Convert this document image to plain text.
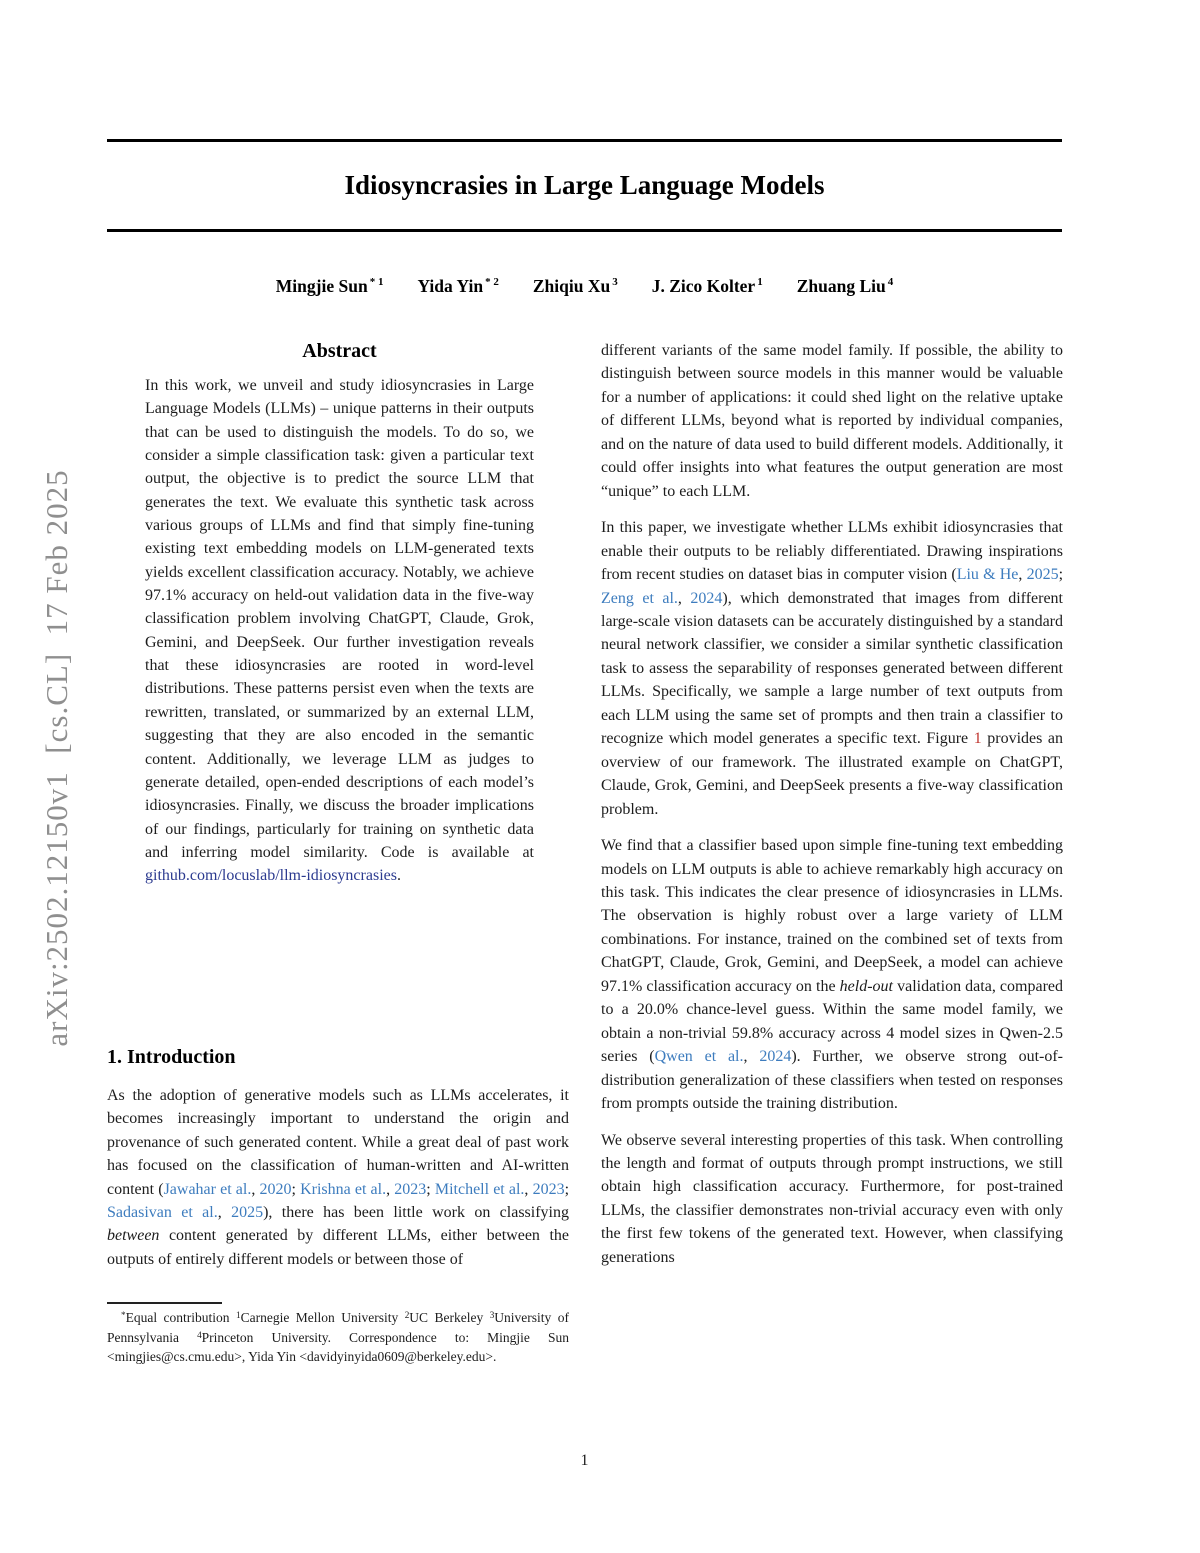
arXiv:2502.12150v1  [cs.CL]  17 Feb 2025
Idiosyncrasies in Large Language Models
Mingjie Sun $^{* 1}$ Yida Yin $^{* 2}$ Zhiqiu Xu $^3$ J. Zico Kolter $^1$ Zhuang Liu $^4$
Abstract
In this work, we unveil and study idiosyncrasies in Large Language Models (LLMs) – unique patterns in their outputs that can be used to distinguish the models. To do so, we consider a simple classification task: given a particular text output, the objective is to predict the source LLM that generates the text. We evaluate this synthetic task across various groups of LLMs and find that simply fine-tuning existing text embedding models on LLM-generated texts yields excellent classification accuracy. Notably, we achieve 97.1% accuracy on held-out validation data in the five-way classification problem involving ChatGPT, Claude, Grok, Gemini, and DeepSeek. Our further investigation reveals that these idiosyncrasies are rooted in word-level distributions. These patterns persist even when the texts are rewritten, translated, or summarized by an external LLM, suggesting that they are also encoded in the semantic content. Additionally, we leverage LLM as judges to generate detailed, open-ended descriptions of each model’s idiosyncrasies. Finally, we discuss the broader implications of our findings, particularly for training on synthetic data and inferring model similarity. Code is available at github.com/locuslab/llm-idiosyncrasies.
1. Introduction
As the adoption of generative models such as LLMs accelerates, it becomes increasingly important to understand the origin and provenance of such generated content. While a great deal of past work has focused on the classification of human-written and AI-written content (Jawahar et al., 2020; Krishna et al., 2023; Mitchell et al., 2023; Sadasivan et al., 2025), there has been little work on classifying between content generated by different LLMs, either between the outputs of entirely different models or between those of
*Equal contribution $^1$Carnegie Mellon University $^2$UC Berkeley $^3$University of Pennsylvania $^4$Princeton University. Correspondence to: Mingjie Sun <mingjies@cs.cmu.edu>, Yida Yin <davidyinyida0609@berkeley.edu>.

different variants of the same model family. If possible, the ability to distinguish between source models in this manner would be valuable for a number of applications: it could shed light on the relative uptake of different LLMs, beyond what is reported by individual companies, and on the nature of data used to build different models. Additionally, it could offer insights into what features the output generation are most “unique” to each LLM.

In this paper, we investigate whether LLMs exhibit idiosyncrasies that enable their outputs to be reliably differentiated. Drawing inspirations from recent studies on dataset bias in computer vision (Liu & He, 2025; Zeng et al., 2024), which demonstrated that images from different large-scale vision datasets can be accurately distinguished by a standard neural network classifier, we consider a similar synthetic classification task to assess the separability of responses generated between different LLMs. Specifically, we sample a large number of text outputs from each LLM using the same set of prompts and then train a classifier to recognize which model generates a specific text. Figure 1 provides an overview of our framework. The illustrated example on ChatGPT, Claude, Grok, Gemini, and DeepSeek presents a five-way classification problem.

We find that a classifier based upon simple fine-tuning text embedding models on LLM outputs is able to achieve remarkably high accuracy on this task. This indicates the clear presence of idiosyncrasies in LLMs. The observation is highly robust over a large variety of LLM combinations. For instance, trained on the combined set of texts from ChatGPT, Claude, Grok, Gemini, and DeepSeek, a model can achieve 97.1% classification accuracy on the held-out validation data, compared to a 20.0% chance-level guess. Within the same model family, we obtain a non-trivial 59.8% accuracy across 4 model sizes in Qwen-2.5 series (Qwen et al., 2024). Further, we observe strong out-of-distribution generalization of these classifiers when tested on responses from prompts outside the training distribution.

We observe several interesting properties of this task. When controlling the length and format of outputs through prompt instructions, we still obtain high classification accuracy. Furthermore, for post-trained LLMs, the classifier demonstrates non-trivial accuracy even with only the first few tokens of the generated text. However, when classifying generations

1
